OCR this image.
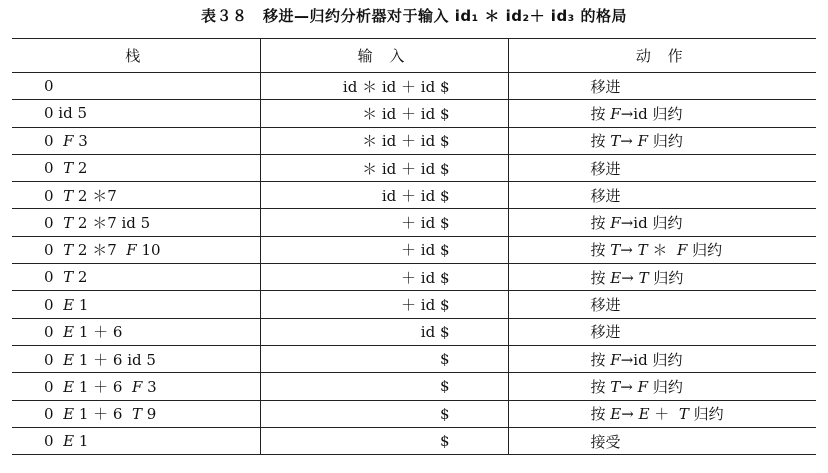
表３８　移进—归约分析器对于输入 id₁ ＊ id₂＋ id₃ 的格局
栈	输 入	动 作
0	id ＊ id ＋ id $	移进
0 id 5	＊ id ＋ id $	按 F→id 归约
0  F 3	＊ id ＋ id $	按 T→ F 归约
0  T 2	＊ id ＋ id $	移进
0  T 2 ＊7	id ＋ id $	移进
0  T 2 ＊7 id 5	＋ id $	按 F→id 归约
0  T 2 ＊7  F 10	＋ id $	按 T→ T ＊  F 归约
0  T 2	＋ id $	按 E→ T 归约
0  E 1	＋ id $	移进
0  E 1 ＋ 6	id $	移进
0  E 1 ＋ 6 id 5	$	按 F→id 归约
0  E 1 ＋ 6  F 3	$	按 T→ F 归约
0  E 1 ＋ 6  T 9	$	按 E→ E ＋  T 归约
0  E 1	$	接受
